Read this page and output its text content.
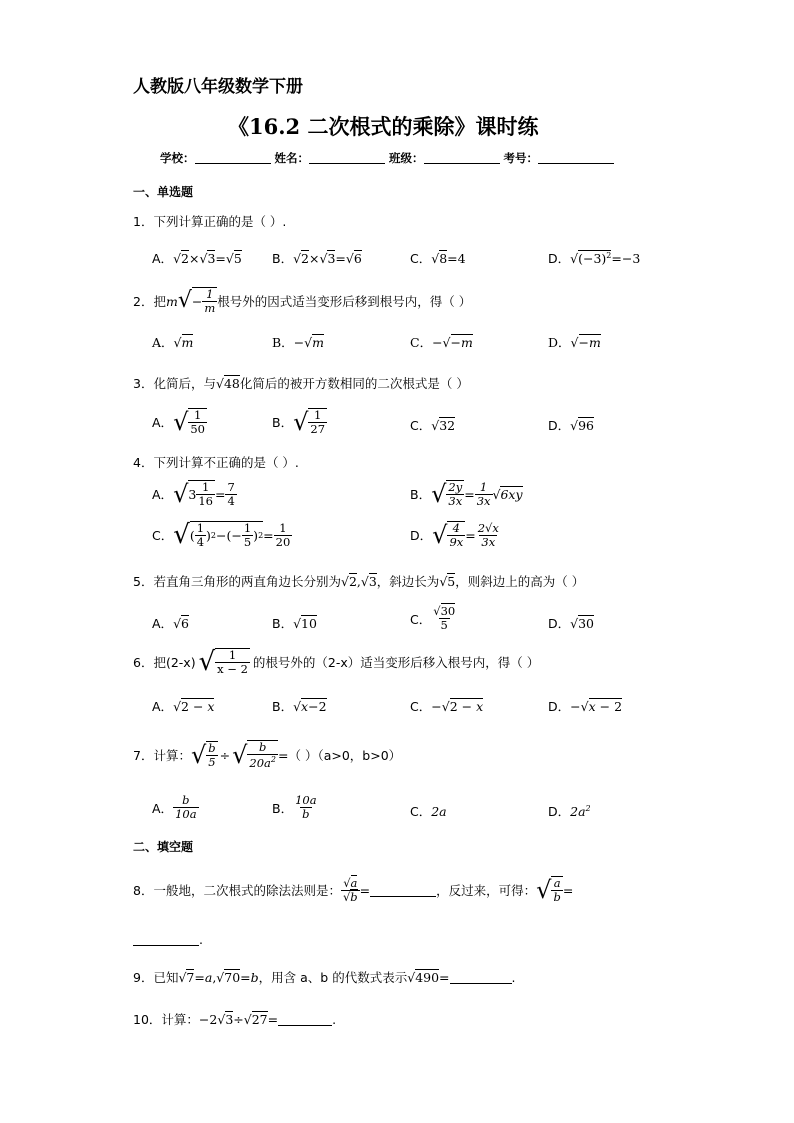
人教版八年级数学下册
《16.2 二次根式的乘除》课时练
学校：	姓名：	班级：	考号：
一、单选题
1．下列计算正确的是（ ）.
A．√2×√3=√5 B．√2×√3=√6	C．√8=4	D．$√(-3)^2=-3$
2．把 m √ − $\frac{1}{m}$ 根号外的因式适当变形后移到根号内，得（ ）
A．√m	B．−√m	C．−√−m	D．√−m
3．化简后，与√48化简后的被开方数相同的二次根式是（ ）
A． √ $\frac{1}{50}$	B． √ $\frac{1}{27}$	C．√32	D．√96
4．下列计算不正确的是（ ）.
A． √ $3 \frac{1}{16} = \frac{7}{4}$	B． √ $\frac{2y}{3x} = \frac{1}{3x}$ √ 6xy
C． √ ( $\frac{1}{4}$ ) 2 −(− $\frac{1}{5}$ ) $2 = \frac{1}{20}$	D． √ $\frac{4}{9x} = \frac{2√x}{3x}$
5．若直角三角形的两直角边长分别为√2,√3，斜边长为√5，则斜边上的高为（ ）
A．√6	B．√10	C． $\frac{√30}{5}$	D．√30
6．把(2-x) √ $\frac{1}{x - 2}$ 的根号外的（2-x）适当变形后移入根号内，得（ ）
A．√2 − x	B．√x−2	C．−√2 − x	D．−√x − 2
7．计算： √ $\frac{b}{5}$ ÷ √ $\frac{b}{20a^2}$ =（ ）（a>0，b>0）
A． $\frac{b}{10a}$	B． $\frac{10a}{b}$	C．2a	D．$2a^2$
二、填空题
8．一般地，二次根式的除法法则是： $\frac{√a}{√b}$ =	，反过来，可得： √ $\frac{a}{b}$ =
.
9．已知√7=a,√70=b，用含 a、b 的代数式表示√490=	.
10．计算：−2√3÷√27=	.
